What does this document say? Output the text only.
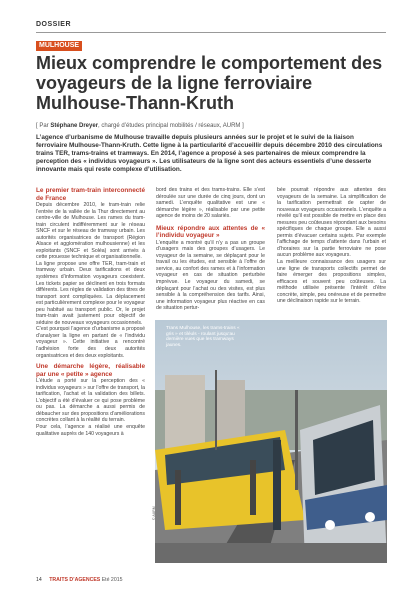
DOSSIER
MULHOUSE
Mieux comprendre le comportement des voyageurs de la ligne ferroviaire Mulhouse-Thann-Kruth
[ Par Stéphane Dreyer, chargé d’études principal mobilités / réseaux, AURM ]

L’agence d’urbanisme de Mulhouse travaille depuis plusieurs années sur le projet et le suivi de la liaison ferroviaire Mulhouse-Thann-Kruth. Cette ligne à la particularité d’accueillir depuis décembre 2010 des circulations trains TER, trams-trains et tramways. En 2014, l’agence a proposé à ses partenaires de mieux comprendre la perception des « individus voyageurs ». Les utilisateurs de la ligne sont des acteurs essentiels d’une desserte innovante mais qui reste complexe d’utilisation.

Le premier tram-train interconnecté de France

Depuis décembre 2010, le tram-train relie l’entrée de la vallée de la Thur directement au centre-ville de Mulhouse. Les rames du tram-train circulent indifféremment sur le réseau SNCF et sur le réseau de tramway urbain. Les autorités organisatrices de transport (Région Alsace et agglomération mulhousienne) et les exploitants (SNCF et Soléa) sont arrivés à cette prouesse technique et organisationnelle.

La ligne propose une offre TER, tram-train et tramway urbain. Deux tarifications et deux systèmes d’information voyageurs coexistent. Les tickets papier se déclinent en trois formats différents. Les règles de validation des titres de transport sont compliquées. La déplacement est particulièrement complexe pour le voyageur peu habitué au transport public. Or, le projet tram-train avait justement pour objectif de séduire de nouveaux voyageurs occasionnels.

C’est pourquoi l’agence d’urbanisme a proposé d’analyser la ligne en partant de « l’individu voyageur ». Cette initiative a rencontré l’adhésion forte des deux autorités organisatrices et des deux exploitants.

Une démarche légère, réalisable par une « petite » agence

L’étude a porté sur la perception des « individus voyageurs » sur l’offre de transport, la tarification, l’achat et la validation des billets. L’objectif a été d’évaluer ce qui pose problème ou pas. La démarche a aussi permis de débaucher sur des propositions d’améliorations concrètes collant à la réalité du terrain.

Pour cela, l’agence a réalisé une enquête qualitative auprès de 140 voyageurs à

bord des trains et des trams-trains. Elle s’est déroulée sur une durée de cinq jours, dont un samedi. L’enquête qualitative est une « démarche légère », réalisable par une petite agence de moins de 20 salariés.

Mieux répondre aux attentes de « l’individu voyageur »

L’enquête a montré qu’il n’y a pas un groupe d’usagers mais des groupes d’usagers. Le voyageur de la semaine, se déplaçant pour le travail ou les études, est sensible à l’offre de service, au confort des rames et à l’information voyageur en cas de situation perturbée imprévue. Le voyageur du samedi, se déplaçant pour l’achat ou des visites, est plus sensible à la compréhension des tarifs. Ainsi, une information voyageur plus réactive en cas de situation pertur-

bée pourrait répondre aux attentes des voyageurs de la semaine. La simplification de la tarification permettrait de capter de nouveaux voyageurs occasionnels. L’enquête a révélé qu’il est possible de mettre en place des mesures peu coûteuses répondant aux besoins spécifiques de chaque groupe. Elle a aussi permis d’évacuer certains sujets. Par exemple l’affichage de temps d’attente dans l’urbain et d’horaires sur la partie ferroviaire ne pose aucun problème aux voyageurs.

La meilleure connaissance des usagers sur une ligne de transports collectifs permet de faire émerger des propositions simples, efficaces et souvent peu coûteuses. La méthode utilisée présente l’intérêt d’être concrète, simple, peu onéreuse et de permettre une déclinaison rapide sur le terrain.

Trans Mulhouse, les trams-trains « gris » et tiléuls - roulant jusqu’au dernière vues que les tramways jaunes.
© AURM
14 TRAITS D’AGENCES Eté 2015
